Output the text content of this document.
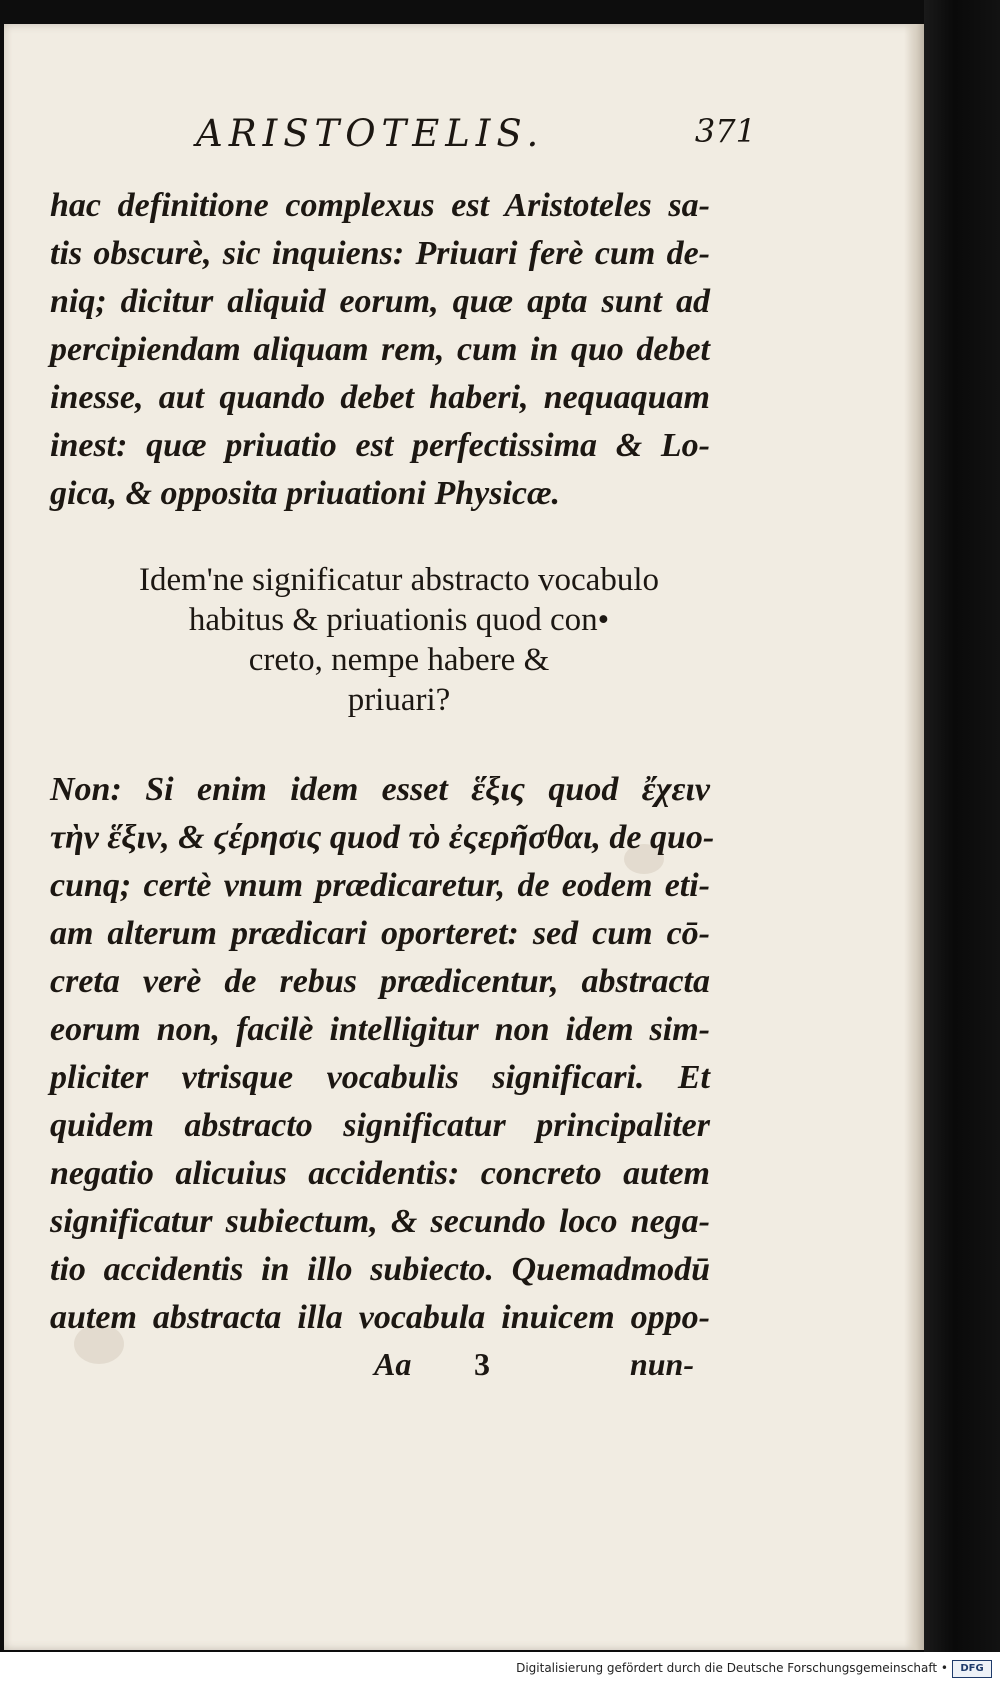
ARISTOTELIS.	371
hac definitione complexus est Aristoteles sa-
tis obscurè, sic inquiens: Priuari ferè cum de-
niq; dicitur aliquid eorum, quæ apta sunt ad
percipiendam aliquam rem, cum in quo debet
inesse, aut quando debet haberi, nequaquam
inest: quæ priuatio est perfectissima & Lo-
gica, & opposita priuationi Physicæ.
Idem'ne significatur abstracto vocabulo
habitus & priuationis quod con•
creto, nempe habere &
priuari?
Non: Si enim idem esset ἕξις quod ἔχειν
τὴν ἕξιν, & ϛέρησις quod τὸ ἐςερῆσθαι, de quo-
cunq; certè vnum prædicaretur, de eodem eti-
am alterum prædicari oporteret: sed cum cō-
creta verè de rebus prædicentur, abstracta
eorum non, facilè intelligitur non idem sim-
pliciter vtrisque vocabulis significari. Et
quidem abstracto significatur principaliter
negatio alicuius accidentis: concreto autem
significatur subiectum, & secundo loco nega-
tio accidentis in illo subiecto. Quemadmodū
autem abstracta illa vocabula inuicem oppo-
Aa 3	nun-
Digitalisierung gefördert durch die Deutsche Forschungsgemeinschaft •	DFG
